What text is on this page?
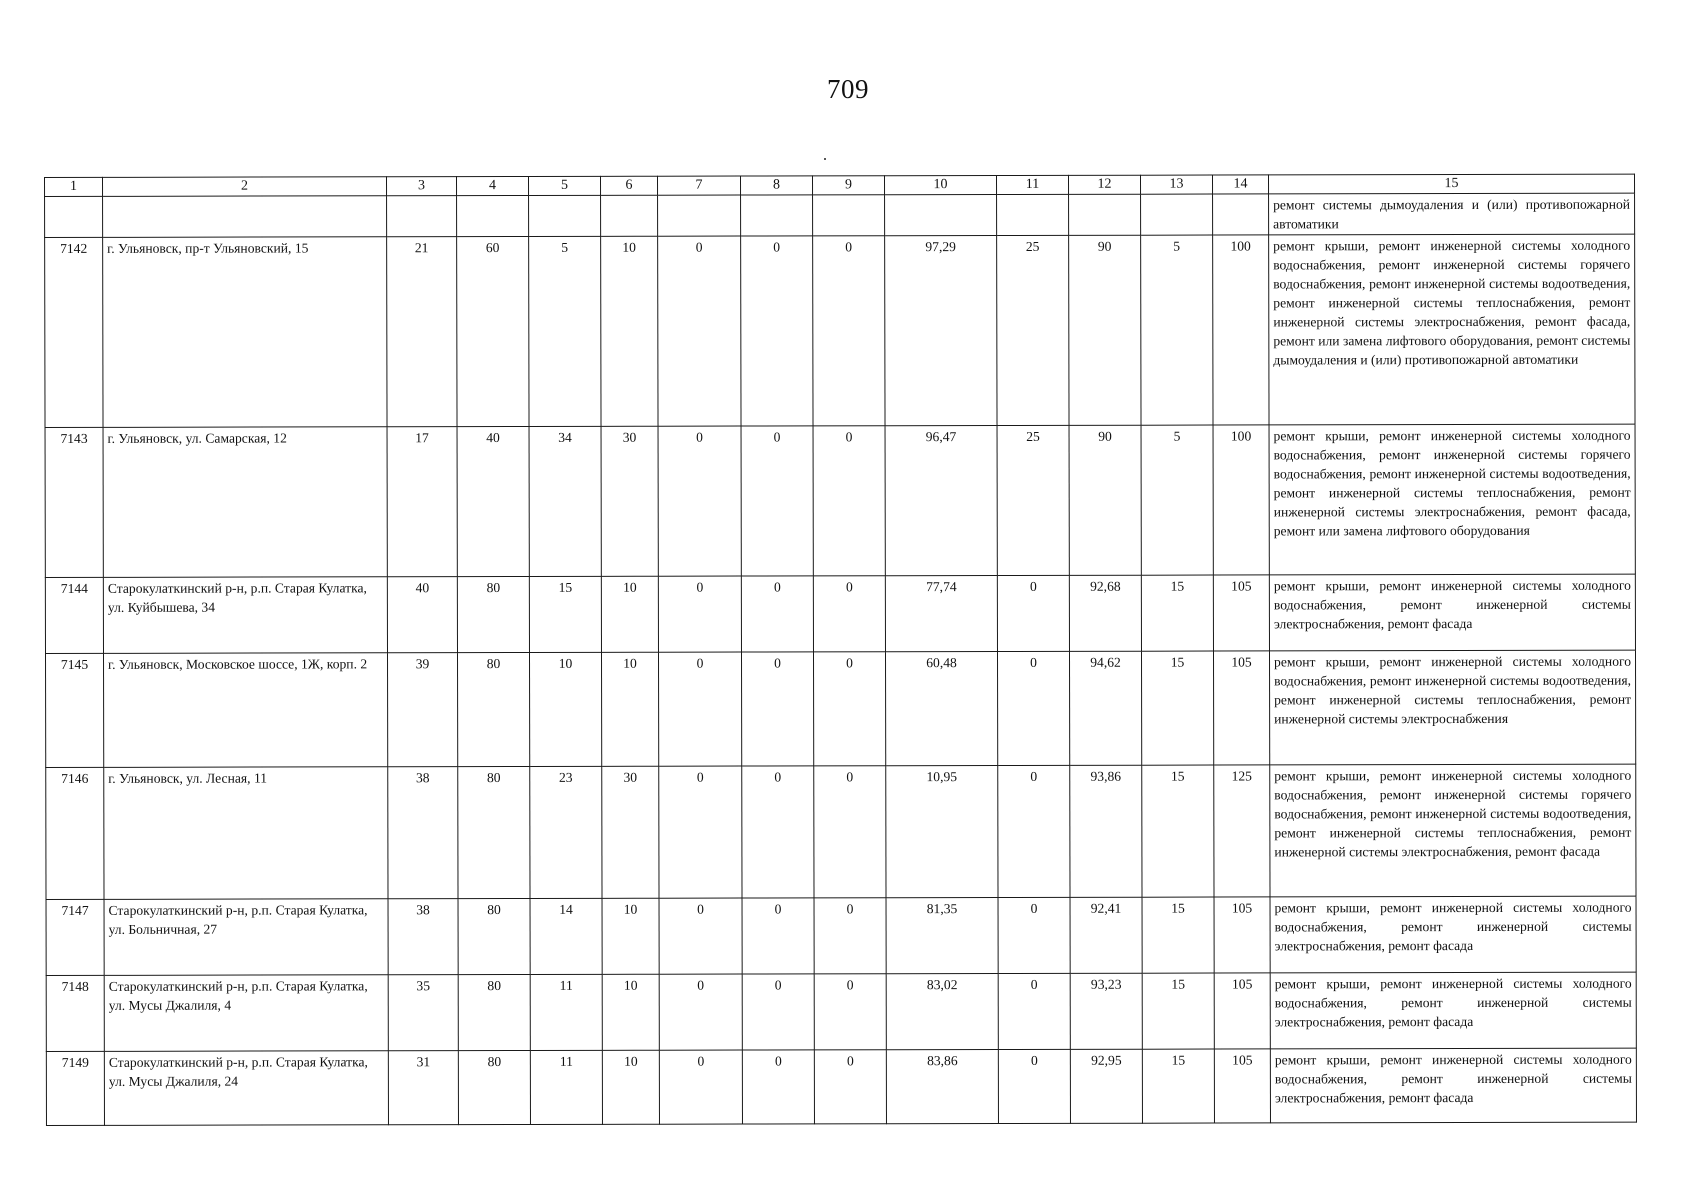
709
1	2	3	4	5	6	7	8	9	10	11	12	13	14	15
														ремонт системы дымоудаления и (или) противопожарной автоматики
7142	г. Ульяновск, пр-т Ульяновский, 15	21	60	5	10	0	0	0	97,29	25	90	5	100	ремонт крыши, ремонт инженерной системы холодного водоснабжения, ремонт инженерной системы горячего водоснабжения, ремонт инженерной системы водоотведения, ремонт инженерной системы теплоснабжения, ремонт инженерной системы электроснабжения, ремонт фасада, ремонт или замена лифтового оборудования, ремонт системы дымоудаления и (или) противопожарной автоматики
7143	г. Ульяновск, ул. Самарская, 12	17	40	34	30	0	0	0	96,47	25	90	5	100	ремонт крыши, ремонт инженерной системы холодного водоснабжения, ремонт инженерной системы горячего водоснабжения, ремонт инженерной системы водоотведения, ремонт инженерной системы теплоснабжения, ремонт инженерной системы электроснабжения, ремонт фасада, ремонт или замена лифтового оборудования
7144	Старокулаткинский р-н, р.п. Старая Кулатка, ул. Куйбышева, 34	40	80	15	10	0	0	0	77,74	0	92,68	15	105	ремонт крыши, ремонт инженерной системы холодного водоснабжения, ремонт инженерной системы электроснабжения, ремонт фасада
7145	г. Ульяновск, Московское шоссе, 1Ж, корп. 2	39	80	10	10	0	0	0	60,48	0	94,62	15	105	ремонт крыши, ремонт инженерной системы холодного водоснабжения, ремонт инженерной системы водоотведения, ремонт инженерной системы теплоснабжения, ремонт инженерной системы электроснабжения
7146	г. Ульяновск, ул. Лесная, 11	38	80	23	30	0	0	0	10,95	0	93,86	15	125	ремонт крыши, ремонт инженерной системы холодного водоснабжения, ремонт инженерной системы горячего водоснабжения, ремонт инженерной системы водоотведения, ремонт инженерной системы теплоснабжения, ремонт инженерной системы электроснабжения, ремонт фасада
7147	Старокулаткинский р-н, р.п. Старая Кулатка, ул. Больничная, 27	38	80	14	10	0	0	0	81,35	0	92,41	15	105	ремонт крыши, ремонт инженерной системы холодного водоснабжения, ремонт инженерной системы электроснабжения, ремонт фасада
7148	Старокулаткинский р-н, р.п. Старая Кулатка, ул. Мусы Джалиля, 4	35	80	11	10	0	0	0	83,02	0	93,23	15	105	ремонт крыши, ремонт инженерной системы холодного водоснабжения, ремонт инженерной системы электроснабжения, ремонт фасада
7149	Старокулаткинский р-н, р.п. Старая Кулатка, ул. Мусы Джалиля, 24	31	80	11	10	0	0	0	83,86	0	92,95	15	105	ремонт крыши, ремонт инженерной системы холодного водоснабжения, ремонт инженерной системы электроснабжения, ремонт фасада
